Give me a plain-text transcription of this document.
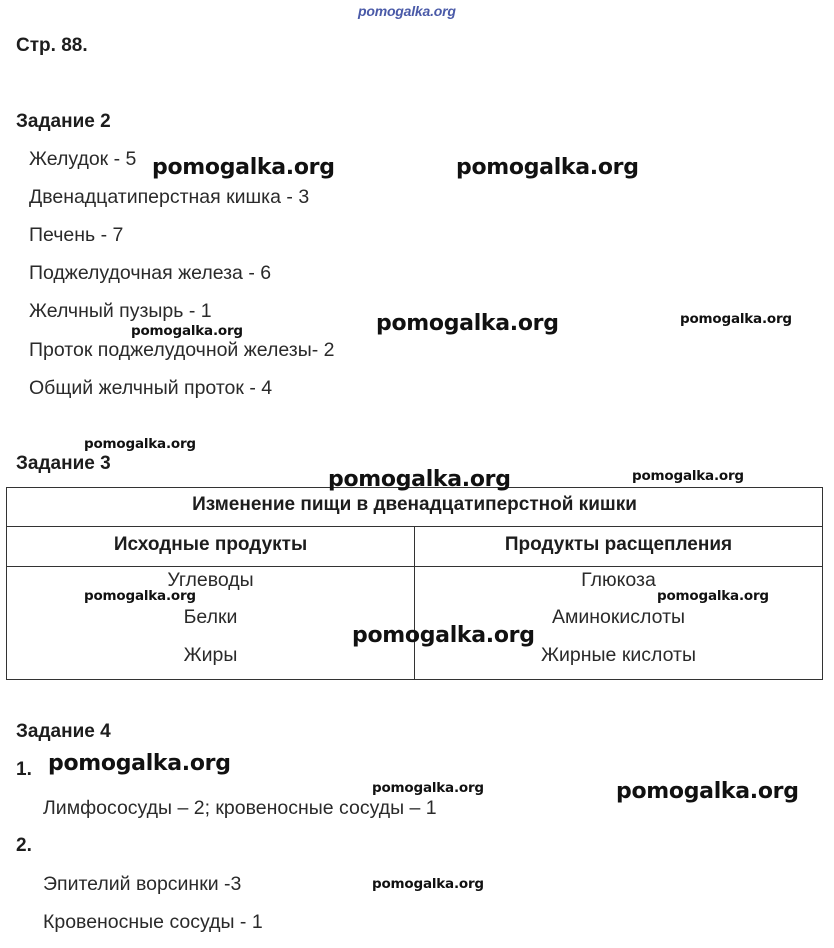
pomogalka.org
Стр. 88.
Задание 2
Желудок - 5
Двенадцатиперстная кишка - 3
Печень - 7
Поджелудочная железа - 6
Желчный пузырь - 1
Проток поджелудочной железы- 2
Общий желчный проток - 4
Задание 3
Изменение пищи в двенадцатиперстной кишки
Исходные продукты	Продукты расщепления
Углеводы	Глюкоза
Белки	Аминокислоты
Жиры	Жирные кислоты
Задание 4
1.
Лимфососуды – 2; кровеносные сосуды – 1
2.
Эпителий ворсинки -3
Кровеносные сосуды - 1
pomogalka.org	pomogalka.org
pomogalka.org
pomogalka.org
pomogalka.org
pomogalka.org
pomogalka.org	pomogalka.org
pomogalka.org	pomogalka.org
pomogalka.org
pomogalka.org
pomogalka.org	pomogalka.org
pomogalka.org
